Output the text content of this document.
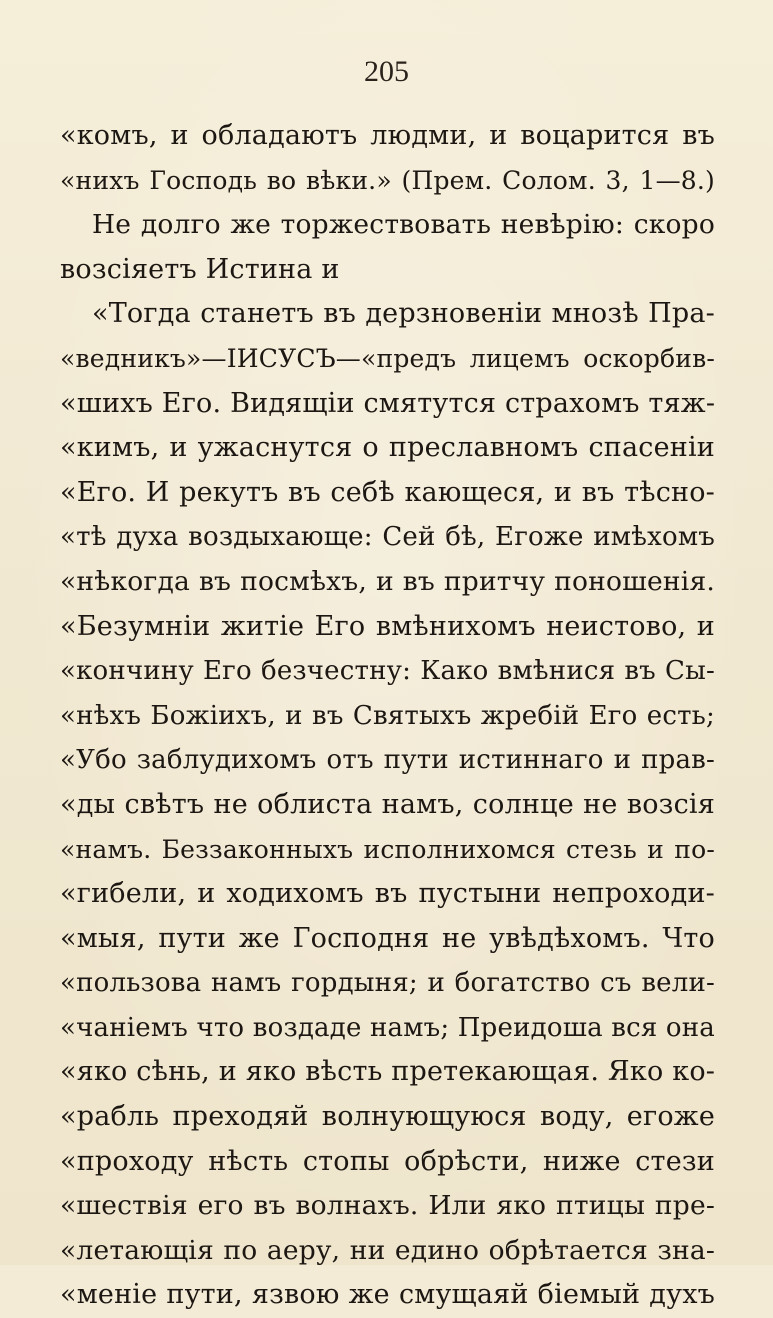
205
«комъ, и обладаютъ людми, и воцарится въ
«нихъ Господь во вѣки.» (Прем. Солом. 3, 1—8.)
Не долго же торжествовать невѣрію: скоро
возсіяетъ Истина и
«Тогда станетъ въ дерзновеніи мнозѣ Пра-
«ведникъ»—ІИСУСЪ—«предъ лицемъ оскорбив-
«шихъ Его. Видящіи смятутся страхомъ тяж-
«кимъ, и ужаснутся о преславномъ спасеніи
«Его. И рекутъ въ себѣ кающеся, и въ тѣсно-
«тѣ духа воздыхающе: Сей бѣ, Егоже имѣхомъ
«нѣкогда въ посмѣхъ, и въ притчу поношенія.
«Безумніи житіе Его вмѣнихомъ неистово, и
«кончину Его безчестну: Како вмѣнися въ Сы-
«нѣхъ Божіихъ, и въ Святыхъ жребій Его есть;
«Убо заблудихомъ отъ пути истиннаго и прав-
«ды свѣтъ не облиста намъ, солнце не возсія
«намъ. Беззаконныхъ исполнихомся стезь и по-
«гибели, и ходихомъ въ пустыни непроходи-
«мыя, пути же Господня не увѣдѣхомъ. Что
«пользова намъ гордыня; и богатство съ вели-
«чаніемъ что воздаде намъ; Преидоша вся она
«яко сѣнь, и яко вѣсть претекающая. Яко ко-
«рабль преходяй волнующуюся воду, егоже
«проходу нѣсть стопы обрѣсти, ниже стези
«шествія его въ волнахъ. Или яко птицы пре-
«летающія по аеру, ни едино обрѣтается зна-
«меніе пути, язвою же смущаяй біемый духъ
